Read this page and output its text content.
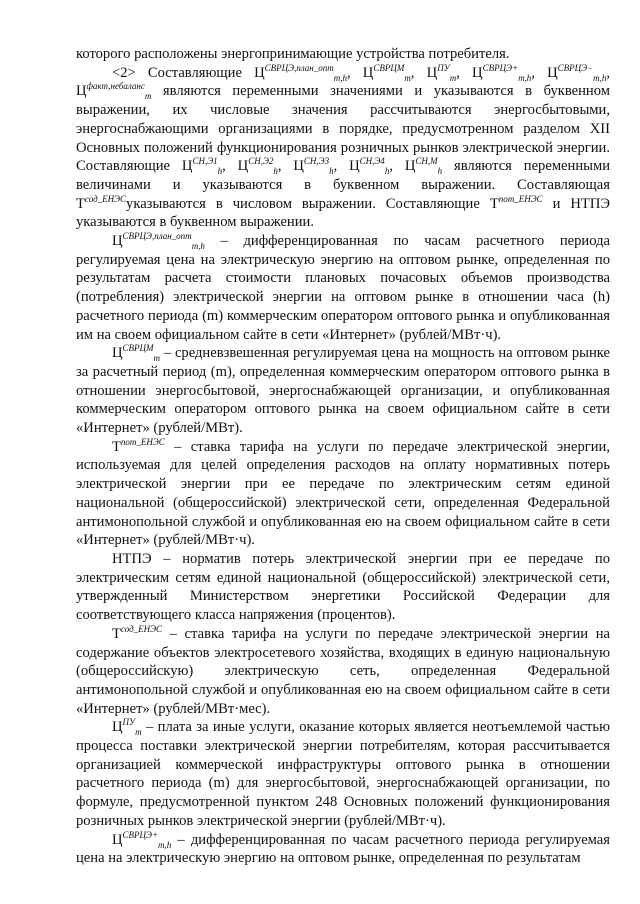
которого расположены энергопринимающие устройства потребителя.

<2> Составляющие $Ц^{СВРЦЭ,план\_опт}_{m,h}$, $Ц^{СВРЦМ}_m$, $Ц^{ПУ}_m$, $Ц^{СВРЦЭ+}_{m,h}$, $Ц^{СВРЦЭ-}_{m,h}$, $Ц^{факт,небаланс}_m$ являются переменными значениями и указываются в буквенном выражении, их числовые значения рассчитываются энергосбытовыми, энергоснабжающими организациями в порядке, предусмотренном разделом XII Основных положений функционирования розничных рынков электрической энергии. Составляющие $Ц^{СН,Э1}_h$, $Ц^{СН,Э2}_h$, $Ц^{СН,Э3}_h$, $Ц^{СН,Э4}_h$, $Ц^{СН,М}_h$ являются переменными величинами и указываются в буквенном выражении. Составляющая $Т^{сод\_ЕНЭС}указываются$ в числовом выражении. Составляющие $Т^{пот\_ЕНЭС}$ и НТПЭ указываются в буквенном выражении.

$Ц^{СВРЦЭ,план\_опт}_{m,h}$ – дифференцированная по часам расчетного периода регулируемая цена на электрическую энергию на оптовом рынке, определенная по результатам расчета стоимости плановых почасовых объемов производства (потребления) электрической энергии на оптовом рынке в отношении часа (h) расчетного периода (m) коммерческим оператором оптового рынка и опубликованная им на своем официальном сайте в сети «Интернет» (рублей/МВт·ч).

$Ц^{СВРЦМ}_m$ – средневзвешенная регулируемая цена на мощность на оптовом рынке за расчетный период (m), определенная коммерческим оператором оптового рынка в отношении энергосбытовой, энергоснабжающей организации, и опубликованная коммерческим оператором оптового рынка на своем официальном сайте в сети «Интернет» (рублей/МВт).

$Т^{пот\_ЕНЭС}$ – ставка тарифа на услуги по передаче электрической энергии, используемая для целей определения расходов на оплату нормативных потерь электрической энергии при ее передаче по электрическим сетям единой национальной (общероссийской) электрической сети, определенная Федеральной антимонопольной службой и опубликованная ею на своем официальном сайте в сети «Интернет» (рублей/МВт·ч).

НТПЭ – норматив потерь электрической энергии при ее передаче по электрическим сетям единой национальной (общероссийской) электрической сети, утвержденный Министерством энергетики Российской Федерации для соответствующего класса напряжения (процентов).

$Т^{сод\_ЕНЭС}$ – ставка тарифа на услуги по передаче электрической энергии на содержание объектов электросетевого хозяйства, входящих в единую национальную (общероссийскую) электрическую сеть, определенная Федеральной антимонопольной службой и опубликованная ею на своем официальном сайте в сети «Интернет» (рублей/МВт·мес).

$Ц^{ПУ}_m$ – плата за иные услуги, оказание которых является неотъемлемой частью процесса поставки электрической энергии потребителям, которая рассчитывается организацией коммерческой инфраструктуры оптового рынка в отношении расчетного периода (m) для энергосбытовой, энергоснабжающей организации, по формуле, предусмотренной пунктом 248 Основных положений функционирования розничных рынков электрической энергии (рублей/МВт·ч).

$Ц^{СВРЦЭ+}_{m,h}$ – дифференцированная по часам расчетного периода регулируемая цена на электрическую энергию на оптовом рынке, определенная по результатам
